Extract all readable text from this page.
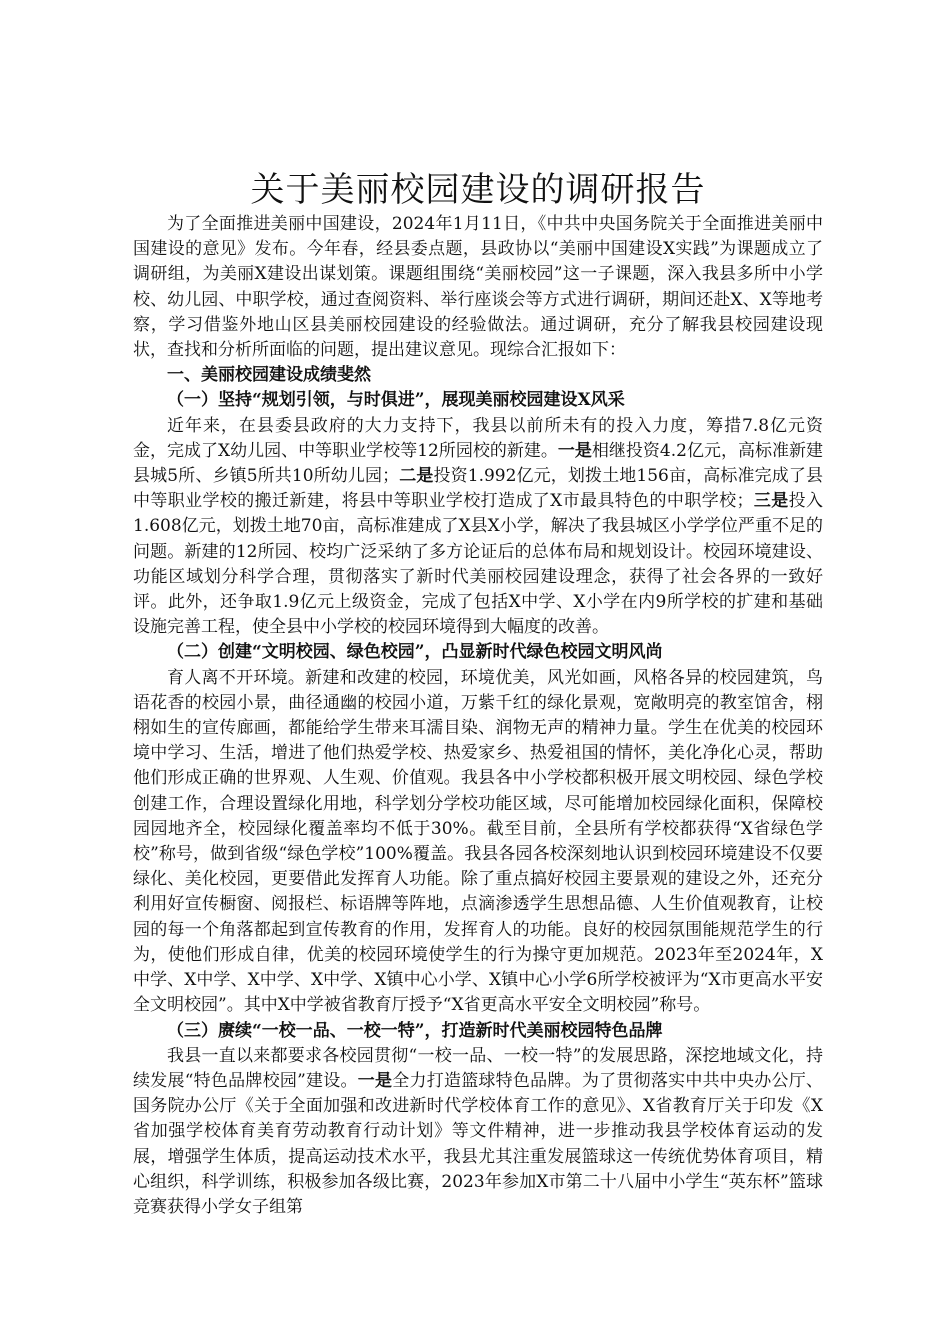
关于美丽校园建设的调研报告

为了全面推进美丽中国建设，2024年1月11日，《中共中央国务院关于全面推进美丽中国建设的意见》发布。今年春，经县委点题，县政协以“美丽中国建设X实践”为课题成立了调研组，为美丽X建设出谋划策。课题组围绕“美丽校园”这一子课题，深入我县多所中小学校、幼儿园、中职学校，通过查阅资料、举行座谈会等方式进行调研，期间还赴X、X等地考察，学习借鉴外地山区县美丽校园建设的经验做法。通过调研，充分了解我县校园建设现状，查找和分析所面临的问题，提出建议意见。现综合汇报如下：

一、美丽校园建设成绩斐然

（一）坚持“规划引领，与时俱进”，展现美丽校园建设X风采

近年来，在县委县政府的大力支持下，我县以前所未有的投入力度，筹措7.8亿元资金，完成了X幼儿园、中等职业学校等12所园校的新建。一是相继投资4.2亿元，高标准新建县城5所、乡镇5所共10所幼儿园；二是投资1.992亿元，划拨土地156亩，高标准完成了县中等职业学校的搬迁新建，将县中等职业学校打造成了X市最具特色的中职学校；三是投入1.608亿元，划拨土地70亩，高标准建成了X县X小学，解决了我县城区小学学位严重不足的问题。新建的12所园、校均广泛采纳了多方论证后的总体布局和规划设计。校园环境建设、功能区域划分科学合理，贯彻落实了新时代美丽校园建设理念，获得了社会各界的一致好评。此外，还争取1.9亿元上级资金，完成了包括X中学、X小学在内9所学校的扩建和基础设施完善工程，使全县中小学校的校园环境得到大幅度的改善。

（二）创建“文明校园、绿色校园”，凸显新时代绿色校园文明风尚

育人离不开环境。新建和改建的校园，环境优美，风光如画，风格各异的校园建筑，鸟语花香的校园小景，曲径通幽的校园小道，万紫千红的绿化景观，宽敞明亮的教室馆舍，栩栩如生的宣传廊画，都能给学生带来耳濡目染、润物无声的精神力量。学生在优美的校园环境中学习、生活，增进了他们热爱学校、热爱家乡、热爱祖国的情怀，美化净化心灵，帮助他们形成正确的世界观、人生观、价值观。我县各中小学校都积极开展文明校园、绿色学校创建工作，合理设置绿化用地，科学划分学校功能区域，尽可能增加校园绿化面积，保障校园园地齐全，校园绿化覆盖率均不低于30%。截至目前，全县所有学校都获得“X省绿色学校”称号，做到省级“绿色学校”100%覆盖。我县各园各校深刻地认识到校园环境建设不仅要绿化、美化校园，更要借此发挥育人功能。除了重点搞好校园主要景观的建设之外，还充分利用好宣传橱窗、阅报栏、标语牌等阵地，点滴渗透学生思想品德、人生价值观教育，让校园的每一个角落都起到宣传教育的作用，发挥育人的功能。良好的校园氛围能规范学生的行为，使他们形成自律，优美的校园环境使学生的行为操守更加规范。2023年至2024年，X中学、X中学、X中学、X中学、X镇中心小学、X镇中心小学6所学校被评为“X市更高水平安全文明校园”。其中X中学被省教育厅授予“X省更高水平安全文明校园”称号。

（三）赓续“一校一品、一校一特”，打造新时代美丽校园特色品牌

我县一直以来都要求各校园贯彻“一校一品、一校一特”的发展思路，深挖地域文化，持续发展“特色品牌校园”建设。一是全力打造篮球特色品牌。为了贯彻落实中共中央办公厅、国务院办公厅《关于全面加强和改进新时代学校体育工作的意见》、X省教育厅关于印发《X省加强学校体育美育劳动教育行动计划》等文件精神，进一步推动我县学校体育运动的发展，增强学生体质，提高运动技术水平，我县尤其注重发展篮球这一传统优势体育项目，精心组织，科学训练，积极参加各级比赛，2023年参加X市第二十八届中小学生“英东杯”篮球竞赛获得小学女子组第
